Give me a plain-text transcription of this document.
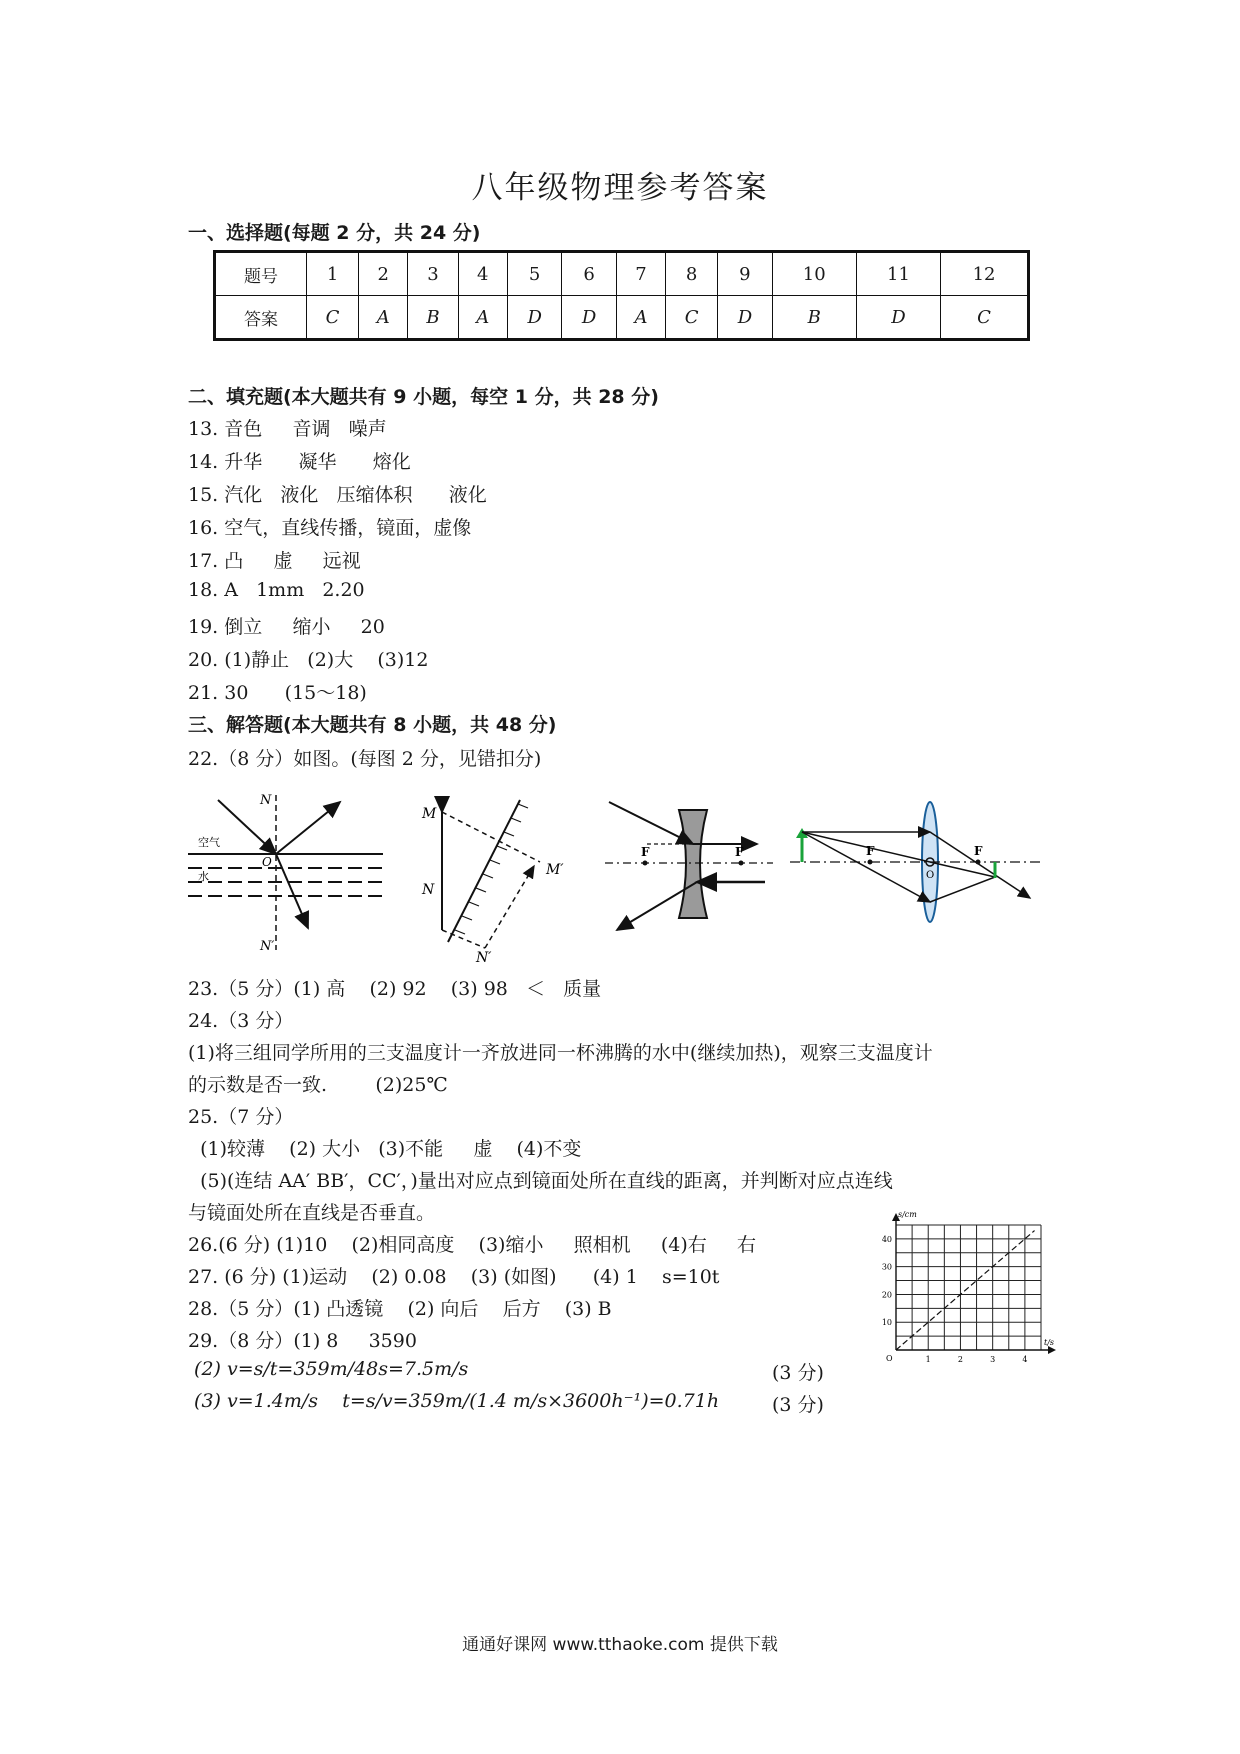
八年级物理参考答案
一、选择题(每题 2 分，共 24 分)
题号	1	2	3	4	5	6	7	8	9	10	11	12
答案	C	A	B	A	D	D	A	C	D	B	D	C
二、填充题(本大题共有 9 小题，每空 1 分，共 28 分)
13. 音色     音调   噪声
14. 升华      凝华      熔化
15. 汽化   液化   压缩体积      液化
16. 空气，直线传播，镜面，虚像
17. 凸     虚     远视
18. A   1mm   2.20
19. 倒立     缩小     20
20. (1)静止   (2)大    (3)12
21. 30      (15～18)
三、解答题(本大题共有 8 小题，共 48 分)
22.（8 分）如图。(每图 2 分，见错扣分)
N
N′
O
空气
水
M
N
M′
N′
F	F	F	F
O
23.（5 分）(1) 高    (2) 92    (3) 98   ＜   质量
24.（3 分）
(1)将三组同学所用的三支温度计一齐放进同一杯沸腾的水中(继续加热)，观察三支温度计
的示数是否一致.        (2)25℃
25.（7 分）
(1)较薄    (2) 大小   (3)不能     虚    (4)不变
(5)(连结 AA′ BB′，CC′，)量出对应点到镜面处所在直线的距离，并判断对应点连线
与镜面处所在直线是否垂直。
26.(6 分) (1)10    (2)相同高度    (3)缩小     照相机     (4)右     右
27. (6 分) (1)运动    (2) 0.08    (3) (如图)      (4) 1    s=10t
28.（5 分）(1) 凸透镜    (2) 向后    后方    (3) B
29.（8 分）(1) 8     3590
(2) v=s/t=359m/48s=7.5m/s	(3 分)
(3) v=1.4m/s    t=s/v=359m/(1.4 m/s×3600h⁻¹)=0.71h	(3 分)
s/cm
t/s
O	1	2	3	4
10
20
30
40
通通好课网 www.tthaoke.com 提供下载
